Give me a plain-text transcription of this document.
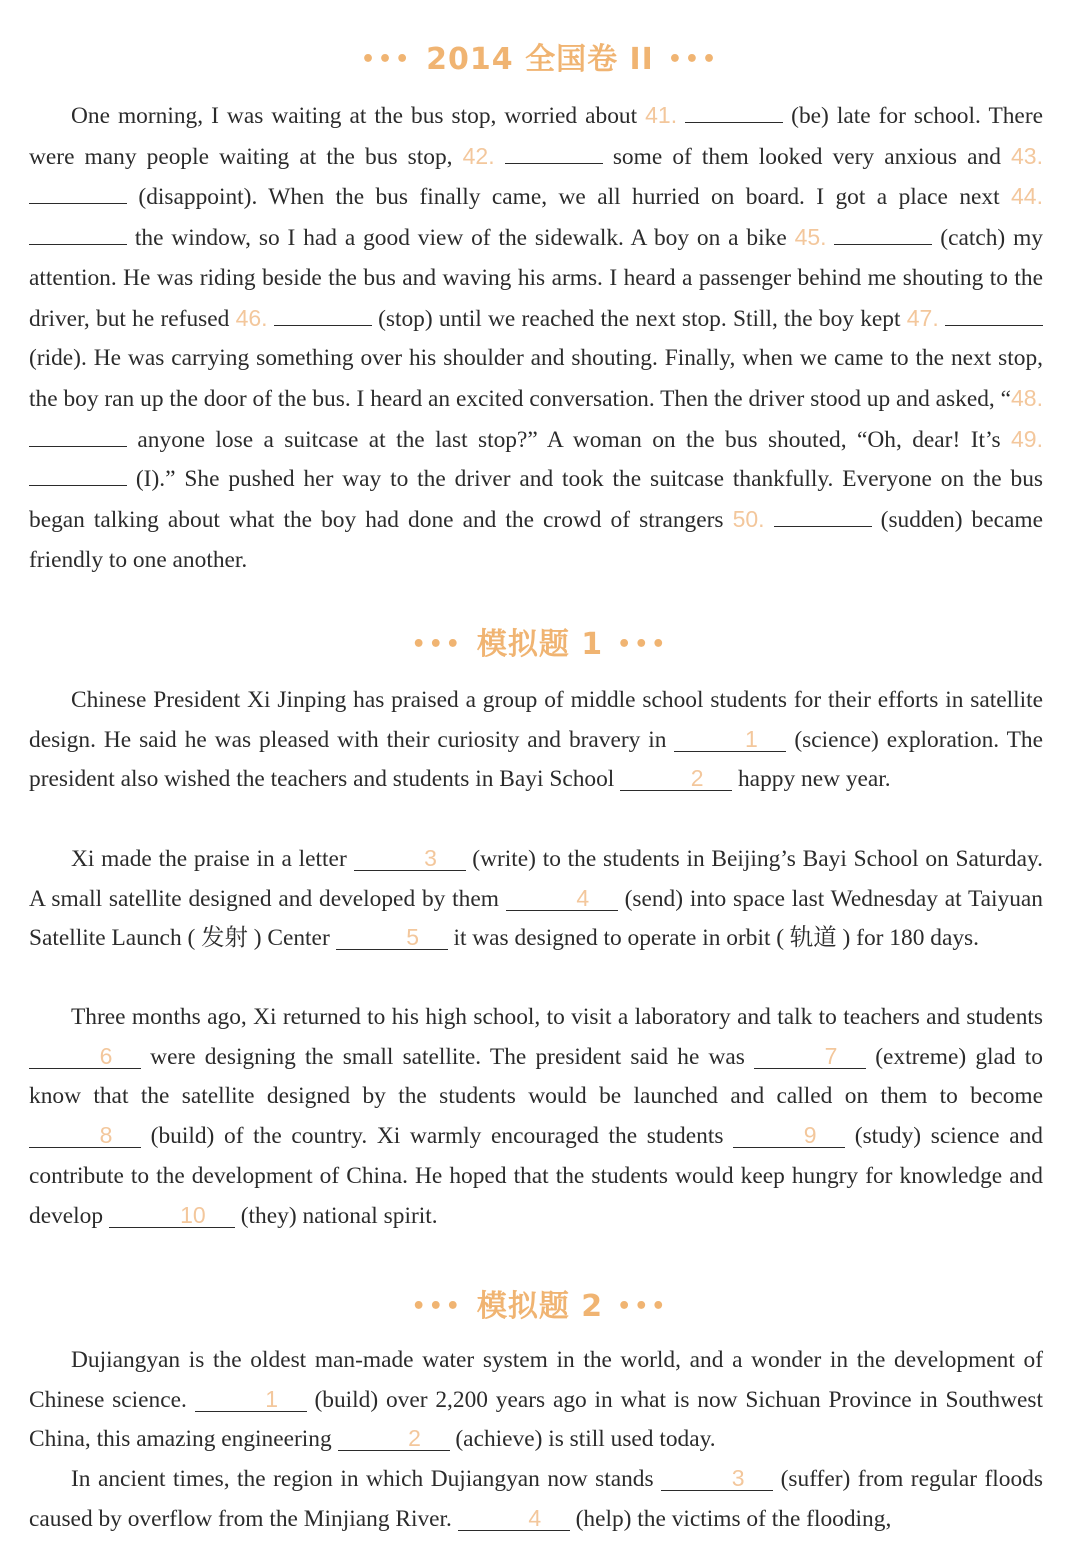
••• 2014 全国卷 II •••
One morning, I was waiting at the bus stop, worried about 41.	(be) late for school. There were many people waiting at the bus stop, 42.	some of them looked very anxious and 43.  (disappoint). When the bus finally came, we all hurried on board. I got a place next 44.  the window, so I had a good view of the sidewalk. A boy on a bike 45.	(catch) my attention. He was riding beside the bus and waving his arms. I heard a passenger behind me shouting to the driver, but he refused 46.	(stop) until we reached the next stop. Still, the boy kept 47.  (ride). He was carrying something over his shoulder and shouting. Finally, when we came to the next stop, the boy ran up the door of the bus. I heard an excited conversation. Then the driver stood up and asked, “48.  anyone lose a suitcase at the last stop?” A woman on the bus shouted, “Oh, dear! It’s 49.  (I).” She pushed her way to the driver and took the suitcase thankfully. Everyone on the bus began talking about what the boy had done and the crowd of strangers 50.	(sudden) became friendly to one another.
••• 模拟题 1 •••
Chinese President Xi Jinping has praised a group of middle school students for their efforts in satellite design. He said he was pleased with their curiosity and bravery in	1 (science) exploration. The president also wished the teachers and students in Bayi School	2 happy new year.
Xi made the praise in a letter	3 (write) to the students in Beijing’s Bayi School on Saturday. A small satellite designed and developed by them	4 (send) into space last Wednesday at Taiyuan Satellite Launch ( 发射 ) Center	5 it was designed to operate in orbit ( 轨道 ) for 180 days.
Three months ago, Xi returned to his high school, to visit a laboratory and talk to teachers and students 6 were designing the small satellite. The president said he was	7 (extreme) glad to know that the satellite designed by the students would be launched and called on them to become 8 (build) of the country. Xi warmly encouraged the students	9 (study) science and contribute to the development of China. He hoped that the students would keep hungry for knowledge and develop	10 (they) national spirit.
••• 模拟题 2 •••
Dujiangyan is the oldest man-made water system in the world, and a wonder in the development of Chinese science.	1 (build) over 2,200 years ago in what is now Sichuan Province in Southwest China, this amazing engineering	2 (achieve) is still used today.
In ancient times, the region in which Dujiangyan now stands	3 (suffer) from regular floods caused by overflow from the Minjiang River.	4 (help) the victims of the flooding,
